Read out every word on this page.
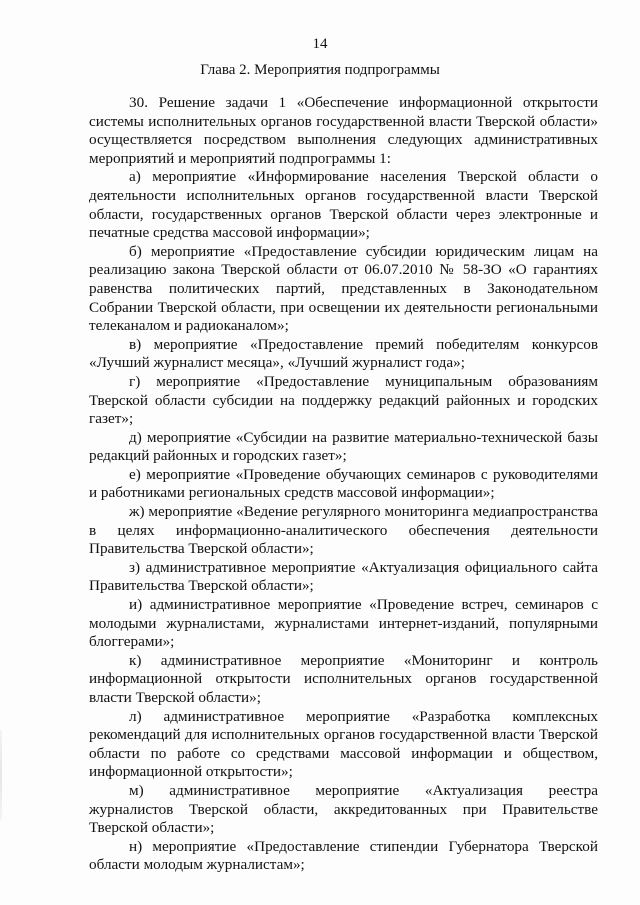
14
Глава 2. Мероприятия подпрограммы

30. Решение задачи 1 «Обеспечение информационной открытости системы исполнительных органов государственной власти Тверской области» осуществляется посредством выполнения следующих административных мероприятий и мероприятий подпрограммы 1:

а) мероприятие «Информирование населения Тверской области о деятельности исполнительных органов государственной власти Тверской области, государственных органов Тверской области через электронные и печатные средства массовой информации»;

б) мероприятие «Предоставление субсидии юридическим лицам на реализацию закона Тверской области от 06.07.2010 № 58-ЗО «О гарантиях равенства политических партий, представленных в Законодательном Собрании Тверской области, при освещении их деятельности региональными телеканалом и радиоканалом»;

в) мероприятие «Предоставление премий победителям конкурсов «Лучший журналист месяца», «Лучший журналист года»;

г) мероприятие «Предоставление муниципальным образованиям Тверской области субсидии на поддержку редакций районных и городских газет»;

д) мероприятие «Субсидии на развитие материально-технической базы редакций районных и городских газет»;

е) мероприятие «Проведение обучающих семинаров с руководителями и работниками региональных средств массовой информации»;

ж) мероприятие «Ведение регулярного мониторинга медиапространства в целях информационно-аналитического обеспечения деятельности Правительства Тверской области»;

з) административное мероприятие «Актуализация официального сайта Правительства Тверской области»;

и) административное мероприятие «Проведение встреч, семинаров с молодыми журналистами, журналистами интернет-изданий, популярными блоггерами»;

к) административное мероприятие «Мониторинг и контроль информационной открытости исполнительных органов государственной власти Тверской области»;

л) административное мероприятие «Разработка комплексных рекомендаций для исполнительных органов государственной власти Тверской области по работе со средствами массовой информации и обществом, информационной открытости»;

м) административное мероприятие «Актуализация реестра журналистов Тверской области, аккредитованных при Правительстве Тверской области»;

н) мероприятие «Предоставление стипендии Губернатора Тверской области молодым журналистам»;
